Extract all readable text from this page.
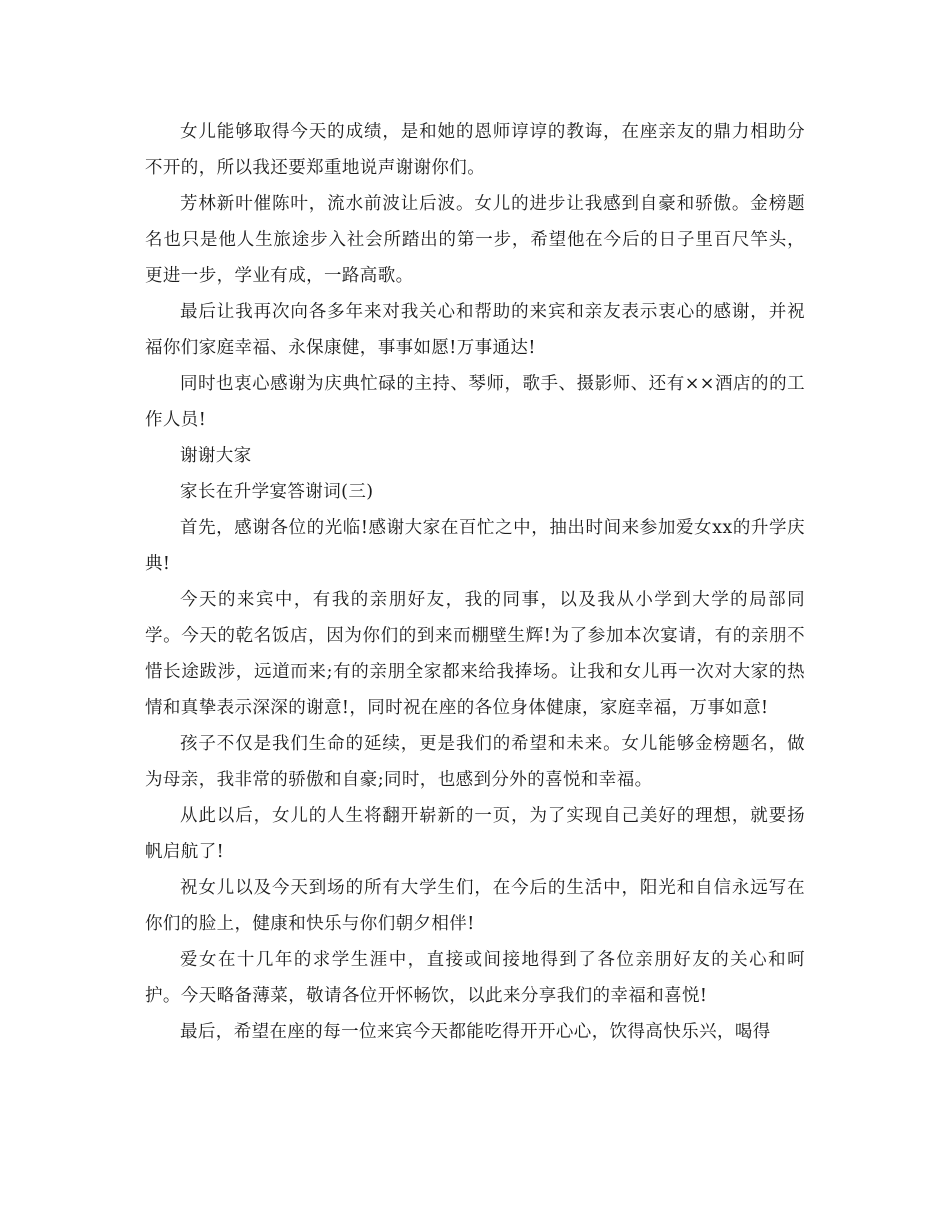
女儿能够取得今天的成绩，是和她的恩师谆谆的教诲，在座亲友的鼎力相助分不开的，所以我还要郑重地说声谢谢你们。

芳林新叶催陈叶，流水前波让后波。女儿的进步让我感到自豪和骄傲。金榜题名也只是他人生旅途步入社会所踏出的第一步，希望他在今后的日子里百尺竿头，更进一步，学业有成，一路高歌。

最后让我再次向各多年来对我关心和帮助的来宾和亲友表示衷心的感谢，并祝福你们家庭幸福、永保康健，事事如愿!万事通达!

同时也衷心感谢为庆典忙碌的主持、琴师，歌手、摄影师、还有××酒店的的工作人员!

谢谢大家

家长在升学宴答谢词(三)

首先，感谢各位的光临!感谢大家在百忙之中，抽出时间来参加爱女xx的升学庆典!

今天的来宾中，有我的亲朋好友，我的同事，以及我从小学到大学的局部同学。今天的乾名饭店，因为你们的到来而棚壁生辉!为了参加本次宴请，有的亲朋不惜长途跋涉，远道而来;有的亲朋全家都来给我捧场。让我和女儿再一次对大家的热情和真挚表示深深的谢意!，同时祝在座的各位身体健康，家庭幸福，万事如意!

孩子不仅是我们生命的延续，更是我们的希望和未来。女儿能够金榜题名，做为母亲，我非常的骄傲和自豪;同时，也感到分外的喜悦和幸福。

从此以后，女儿的人生将翻开崭新的一页，为了实现自己美好的理想，就要扬帆启航了!

祝女儿以及今天到场的所有大学生们，在今后的生活中，阳光和自信永远写在你们的脸上，健康和快乐与你们朝夕相伴!

爱女在十几年的求学生涯中，直接或间接地得到了各位亲朋好友的关心和呵护。今天略备薄菜，敬请各位开怀畅饮，以此来分享我们的幸福和喜悦!

最后，希望在座的每一位来宾今天都能吃得开开心心，饮得高快乐兴，喝得
